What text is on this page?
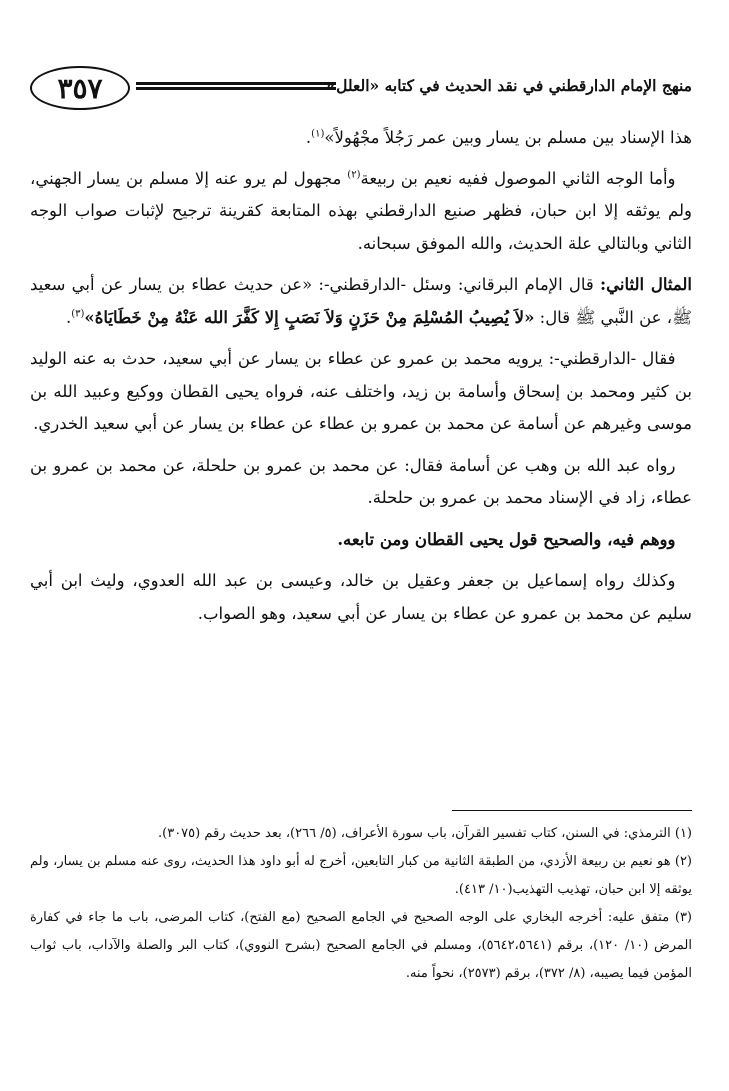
٣٥٧	منهج الإمام الدارقطني في نقد الحديث في كتابه «العلل»

هذا الإسناد بين مسلم بن يسار وبين عمر رَجُلاً مجْهُولاً»$^{(١)}$.

 وأما الوجه الثاني الموصول ففيه نعيم بن ربيعة$^{(٢)}$ مجهول لم يرو عنه إلا مسلم بن يسار الجهني، ولم يوثقه إلا ابن حبان، فظهر صنيع الدارقطني بهذه المتابعة كقرينة ترجيح لإثبات صواب الوجه الثاني وبالتالي علة الحديث، والله الموفق سبحانه.

المثال الثاني: قال الإمام البرقاني: وسئل -الدارقطني-: «عن حديث عطاء بن يسار عن أبي سعيد ﷺ، عن النَّبي ﷺ قال: «لاَ يُصِيبُ المُسْلِمَ مِنْ حَزَنٍ وَلاَ نَصَبٍ إِلا كَفَّرَ الله عَنْهُ مِنْ خَطَايَاهُ»$^{(٣)}$.

 فقال -الدارقطني-: يرويه محمد بن عمرو عن عطاء بن يسار عن أبي سعيد، حدث به عنه الوليد بن كثير ومحمد بن إسحاق وأسامة بن زيد، واختلف عنه، فرواه يحيى القطان ووكيع وعبيد الله بن موسى وغيرهم عن أسامة عن محمد بن عمرو بن عطاء عن عطاء بن يسار عن أبي سعيد الخدري.

 رواه عبد الله بن وهب عن أسامة فقال: عن محمد بن عمرو بن حلحلة، عن محمد بن عمرو بن عطاء، زاد في الإسناد محمد بن عمرو بن حلحلة.

 ووهم فيه، والصحيح قول يحيى القطان ومن تابعه.

 وكذلك رواه إسماعيل بن جعفر وعقيل بن خالد، وعيسى بن عبد الله العدوي، وليث ابن أبي سليم عن محمد بن عمرو عن عطاء بن يسار عن أبي سعيد، وهو الصواب.

(١) الترمذي: في السنن، كتاب تفسير القرآن، باب سورة الأعراف، (٥/ ٢٦٦)، بعد حديث رقم (٣٠٧٥).

(٢) هو نعيم بن ربيعة الأزدي، من الطبقة الثانية من كبار التابعين، أخرج له أبو داود هذا الحديث، روى عنه مسلم بن يسار، ولم يوثقه إلا ابن حبان، تهذيب التهذيب(١٠/ ٤١٣).

(٣) متفق عليه: أخرجه البخاري على الوجه الصحيح في الجامع الصحيح (مع الفتح)، كتاب المرضى، باب ما جاء في كفارة المرض (١٠/ ١٢٠)، برقم (٥٦٤٢،٥٦٤١)، ومسلم في الجامع الصحيح (بشرح النووي)، كتاب البر والصلة والآداب، باب ثواب المؤمن فيما يصيبه، (٨/ ٣٧٢)، برقم (٢٥٧٣)، نحواً منه.
